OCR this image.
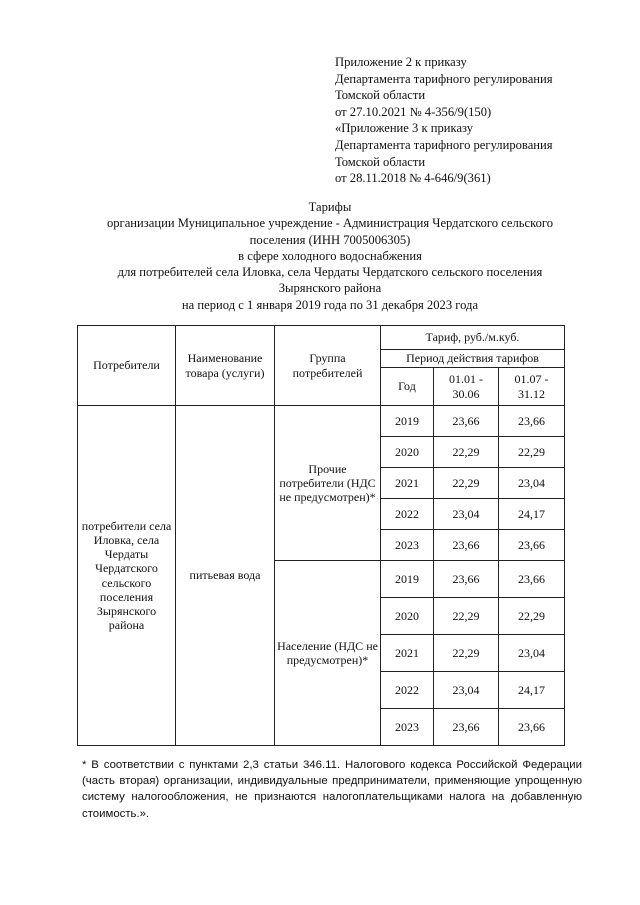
Приложение 2 к приказу
Департамента тарифного регулирования
Томской области
от 27.10.2021 № 4-356/9(150)
«Приложение 3 к приказу
Департамента тарифного регулирования
Томской области
от 28.11.2018 № 4-646/9(361)
Тарифы
организации Муниципальное учреждение - Администрация Чердатского сельского
поселения (ИНН 7005006305)
в сфере холодного водоснабжения
для потребителей села Иловка, села Чердаты Чердатского сельского поселения
Зырянского района
на период с 1 января 2019 года по 31 декабря 2023 года
Потребители	Наименование товара (услуги)	Группа потребителей	Тариф, руб./м.куб.		
			Период действия тарифов		
			Год	01.01 - 30.06	01.07 - 31.12
потребители села Иловка, села Чердаты Чердатского сельского поселения Зырянского района	питьевая вода	Прочие потребители (НДС не предусмотрен)*	2019	23,66	23,66
			2020	22,29	22,29
			2021	22,29	23,04
			2022	23,04	24,17
			2023	23,66	23,66
		Население (НДС не предусмотрен)*	2019	23,66	23,66
			2020	22,29	22,29
			2021	22,29	23,04
			2022	23,04	24,17
			2023	23,66	23,66
* В соответствии с пунктами 2,3 статьи 346.11. Налогового кодекса Российской Федерации (часть вторая) организации, индивидуальные предприниматели, применяющие упрощенную систему налогообложения, не признаются налогоплательщиками налога на добавленную стоимость.».
